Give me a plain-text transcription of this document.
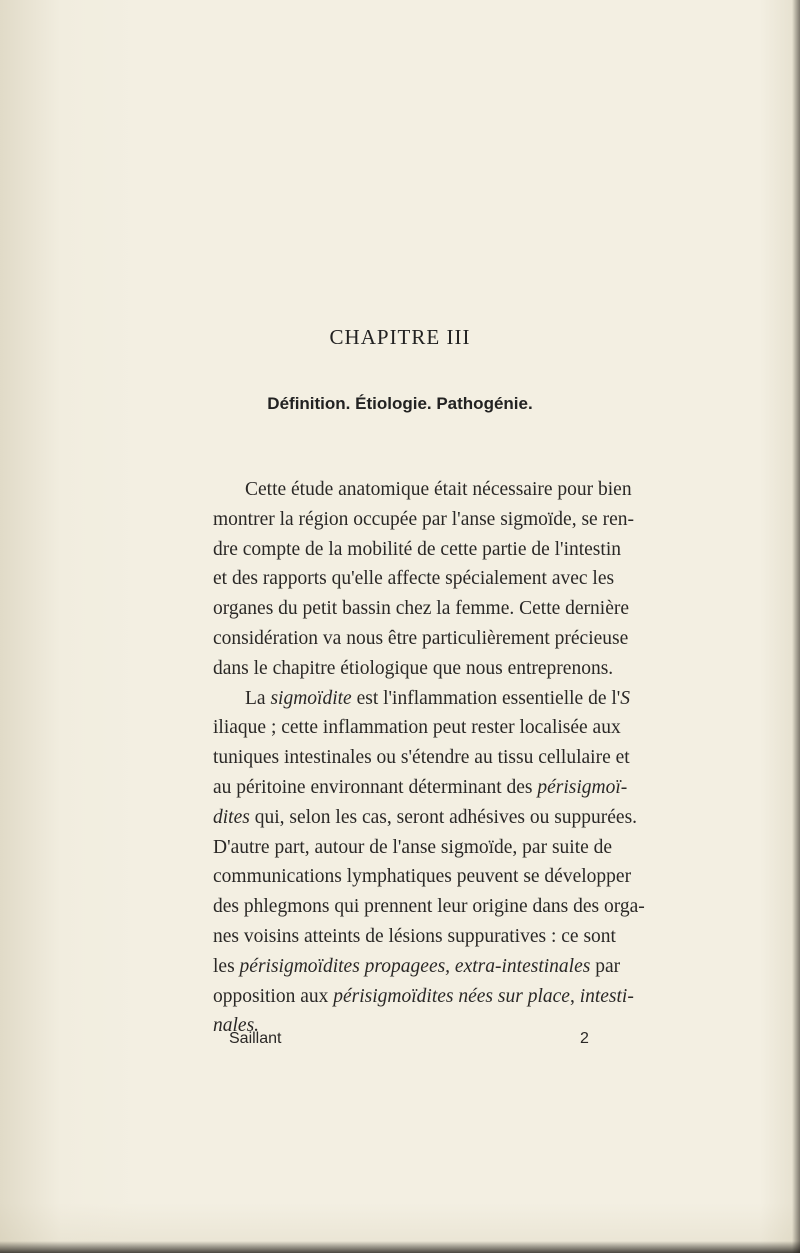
CHAPITRE III
Définition. Étiologie. Pathogénie.
Cette étude anatomique était nécessaire pour bien
montrer la région occupée par l'anse sigmoïde, se ren-
dre compte de la mobilité de cette partie de l'intestin
et des rapports qu'elle affecte spécialement avec les
organes du petit bassin chez la femme. Cette dernière
considération va nous être particulièrement précieuse
dans le chapitre étiologique que nous entreprenons.
La sigmoïdite est l'inflammation essentielle de l'S
iliaque ; cette inflammation peut rester localisée aux
tuniques intestinales ou s'étendre au tissu cellulaire et
au péritoine environnant déterminant des périsigmoï-
dites qui, selon les cas, seront adhésives ou suppurées.
D'autre part, autour de l'anse sigmoïde, par suite de
communications lymphatiques peuvent se développer
des phlegmons qui prennent leur origine dans des orga-
nes voisins atteints de lésions suppuratives : ce sont
les périsigmoïdites propagees, extra-intestinales par
opposition aux périsigmoïdites nées sur place, intesti-
nales.
Saillant	2
